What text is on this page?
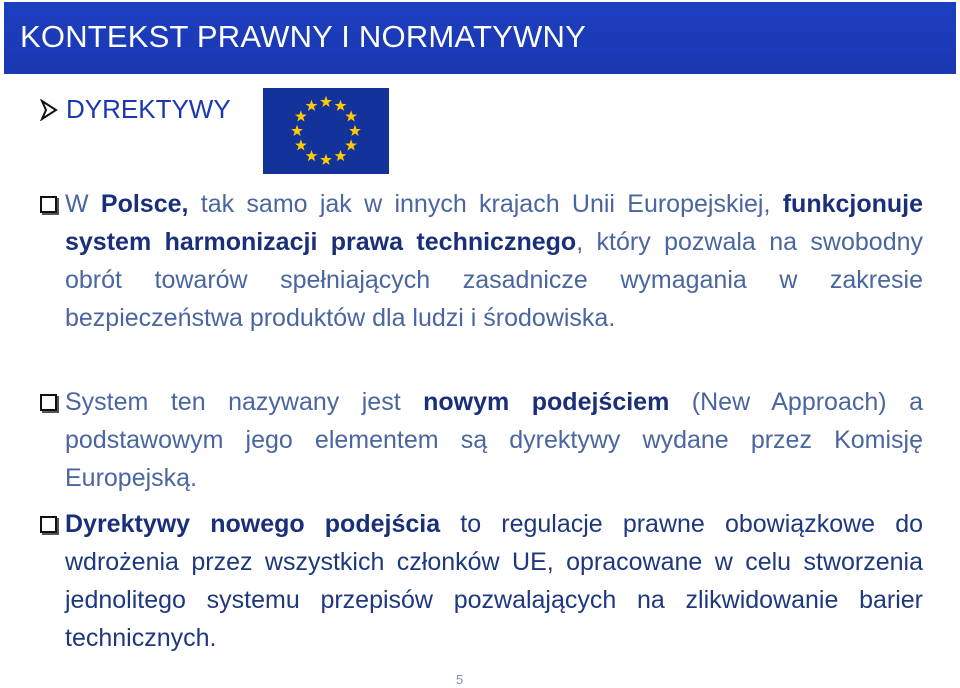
KONTEKST PRAWNY I NORMATYWNY
DYREKTYWY
W Polsce, tak samo jak w innych krajach Unii Europejskiej, funkcjonuje system harmonizacji prawa technicznego, który pozwala na swobodny obrót towarów spełniających zasadnicze wymagania w zakresie bezpieczeństwa produktów dla ludzi i środowiska.
System ten nazywany jest nowym podejściem (New Approach) a podstawowym jego elementem są dyrektywy wydane przez Komisję Europejską.
Dyrektywy nowego podejścia to regulacje prawne obowiązkowe do wdrożenia przez wszystkich członków UE, opracowane w celu stworzenia jednolitego systemu przepisów pozwalających na zlikwidowanie barier technicznych.
5
